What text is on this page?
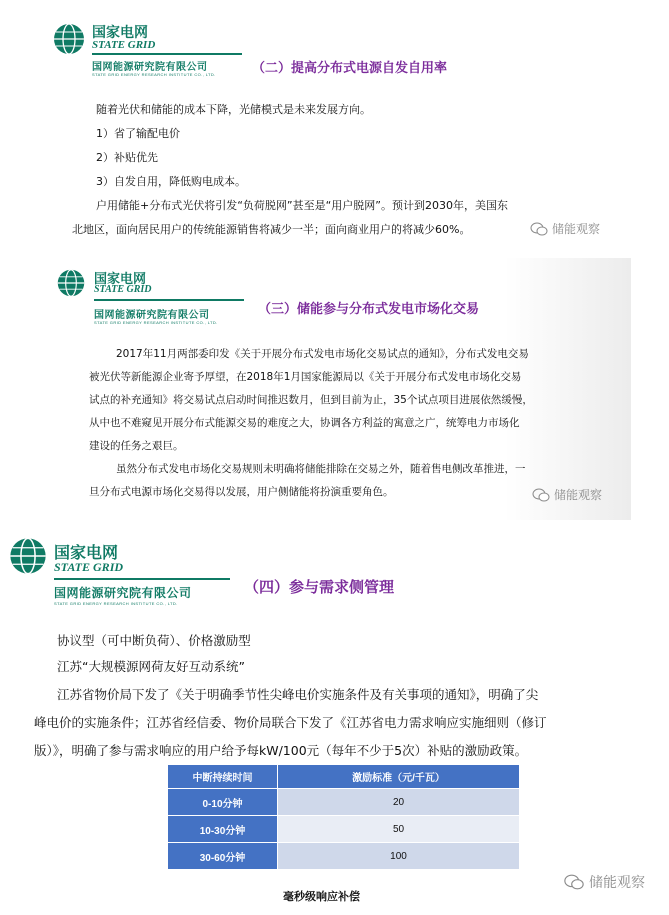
国家电网
STATE GRID
国网能源研究院有限公司
STATE GRID ENERGY RESEARCH INSTITUTE CO., LTD.	（二）提高分布式电源自发自用率
随着光伏和储能的成本下降，光储模式是未来发展方向。
1）省了输配电价
2）补贴优先
3）自发自用，降低购电成本。
户用储能+分布式光伏将引发“负荷脱网”甚至是“用户脱网”。预计到2030年，美国东
北地区，面向居民用户的传统能源销售将减少一半；面向商业用户的将减少60%。	储能观察
国家电网
STATE GRID
国网能源研究院有限公司
STATE GRID ENERGY RESEARCH INSTITUTE CO., LTD.
（三）储能参与分布式发电市场化交易
2017年11月两部委印发《关于开展分布式发电市场化交易试点的通知》，分布式发电交易
被光伏等新能源企业寄予厚望，在2018年1月国家能源局以《关于开展分布式发电市场化交易
试点的补充通知》将交易试点启动时间推迟数月，但到目前为止，35个试点项目进展依然缓慢，
从中也不难窥见开展分布式能源交易的难度之大，协调各方利益的寓意之广，统筹电力市场化
建设的任务之艰巨。
虽然分布式发电市场化交易规则未明确将储能排除在交易之外，随着售电侧改革推进，一
旦分布式电源市场化交易得以发展，用户侧储能将扮演重要角色。	储能观察
国家电网
STATE GRID
国网能源研究院有限公司
STATE GRID ENERGY RESEARCH INSTITUTE CO., LTD.
（四）参与需求侧管理
协议型（可中断负荷）、价格激励型
江苏“大规模源网荷友好互动系统”
江苏省物价局下发了《关于明确季节性尖峰电价实施条件及有关事项的通知》，明确了尖
峰电价的实施条件；江苏省经信委、物价局联合下发了《江苏省电力需求响应实施细则（修订
版）》，明确了参与需求响应的用户给予每kW/100元（每年不少于5次）补贴的激励政策。
中断持续时间	激励标准（元/千瓦）
0-10分钟	20
10-30分钟	50
30-60分钟	100
毫秒级响应补偿
储能观察
